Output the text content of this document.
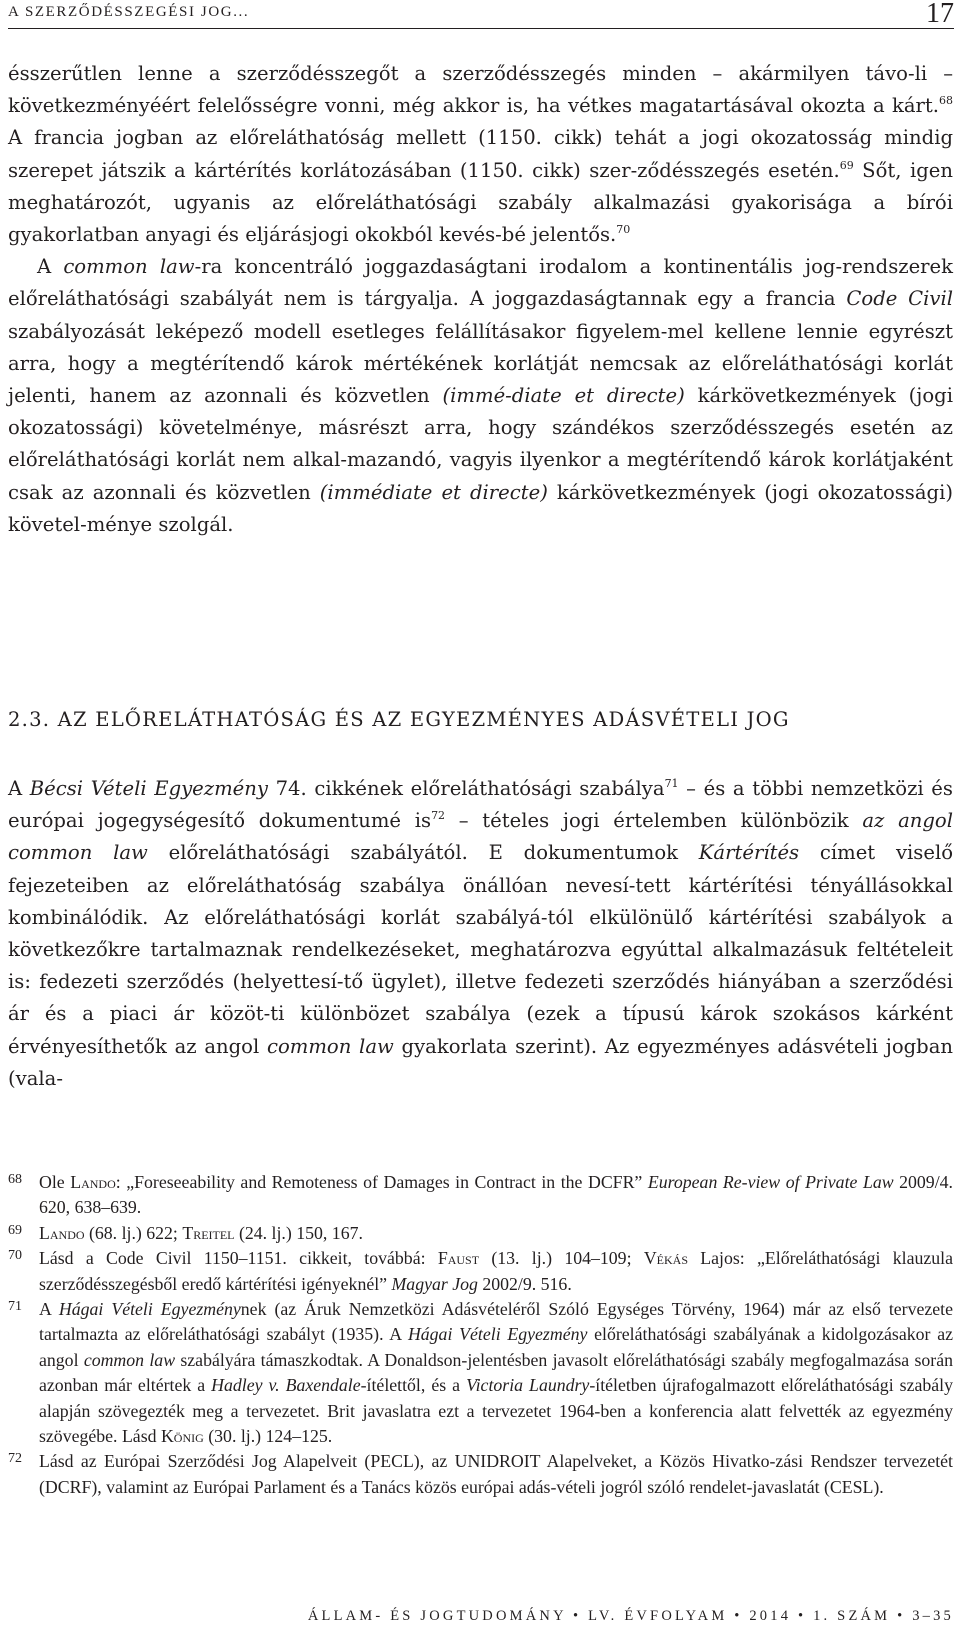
A SZERZŐDÉSSZEGÉSI JOG...	17

ésszerűtlen lenne a szerződésszegőt a szerződésszegés minden – akármilyen távo-li – következményéért felelősségre vonni, még akkor is, ha vétkes magatartásával okozta a kárt.$^{68}$ A francia jogban az előreláthatóság mellett (1150. cikk) tehát a jogi okozatosság mindig szerepet játszik a kártérítés korlátozásában (1150. cikk) szer-ződésszegés esetén.$^{69}$ Sőt, igen meghatározót, ugyanis az előreláthatósági szabály alkalmazási gyakorisága a bírói gyakorlatban anyagi és eljárásjogi okokból kevés-bé jelentős.$^{70}$

A common law-ra koncentráló joggazdaságtani irodalom a kontinentális jog-rendszerek előreláthatósági szabályát nem is tárgyalja. A joggazdaságtannak egy a francia Code Civil szabályozását leképező modell esetleges felállításakor figyelem-mel kellene lennie egyrészt arra, hogy a megtérítendő károk mértékének korlátját nemcsak az előreláthatósági korlát jelenti, hanem az azonnali és közvetlen (immé-diate et directe) kárkövetkezmények (jogi okozatossági) követelménye, másrészt arra, hogy szándékos szerződésszegés esetén az előreláthatósági korlát nem alkal-mazandó, vagyis ilyenkor a megtérítendő károk korlátjaként csak az azonnali és közvetlen (immédiate et directe) kárkövetkezmények (jogi okozatossági) követel-ménye szolgál.

2.3. AZ ELŐRELÁTHATÓSÁG ÉS AZ EGYEZMÉNYES ADÁSVÉTELI JOG

A Bécsi Vételi Egyezmény 74. cikkének előreláthatósági szabálya$^{71}$ – és a többi nemzetközi és európai jogegységesítő dokumentumé $is^{72}$ – tételes jogi értelemben különbözik az angol common law előreláthatósági szabályától. E dokumentumok Kártérítés címet viselő fejezeteiben az előreláthatóság szabálya önállóan nevesí-tett kártérítési tényállásokkal kombinálódik. Az előreláthatósági korlát szabályá-tól elkülönülő kártérítési szabályok a következőkre tartalmaznak rendelkezéseket, meghatározva egyúttal alkalmazásuk feltételeit is: fedezeti szerződés (helyettesí-tő ügylet), illetve fedezeti szerződés hiányában a szerződési ár és a piaci ár közöt-ti különbözet szabálya (ezek a típusú károk szokásos kárként érvényesíthetők az angol common law gyakorlata szerint). Az egyezményes adásvételi jogban (vala-

68 Ole Lando: „Foreseeability and Remoteness of Damages in Contract in the DCFR” European Re-view of Private Law 2009/4. 620, 638–639.

69 Lando (68. lj.) 622; Treitel (24. lj.) 150, 167.

70 Lásd a Code Civil 1150–1151. cikkeit, továbbá: Faust (13. lj.) 104–109; Vékás Lajos: „Előreláthatósági klauzula szerződésszegésből eredő kártérítési igényeknél” Magyar Jog 2002/9. 516.

71 A Hágai Vételi Egyezménynek (az Áruk Nemzetközi Adásvételéről Szóló Egységes Törvény, 1964) már az első tervezete tartalmazta az előreláthatósági szabályt (1935). A Hágai Vételi Egyezmény előreláthatósági szabályának a kidolgozásakor az angol common law szabályára támaszkodtak. A Donaldson-jelentésben javasolt előreláthatósági szabály megfogalmazása során azonban már eltértek a Hadley v. Baxendale-ítélettől, és a Victoria Laundry-ítéletben újrafogalmazott előreláthatósági szabály alapján szövegezték meg a tervezetet. Brit javaslatra ezt a tervezetet 1964-ben a konferencia alatt felvették az egyezmény szövegébe. Lásd König (30. lj.) 124–125.

72 Lásd az Európai Szerződési Jog Alapelveit (PECL), az UNIDROIT Alapelveket, a Közös Hivatko-zási Rendszer tervezetét (DCRF), valamint az Európai Parlament és a Tanács közös európai adás-vételi jogról szóló rendelet-javaslatát (CESL).

ÁLLAM- ÉS JOGTUDOMÁNY • LV. ÉVFOLYAM • 2014 • 1. SZÁM • 3–35
